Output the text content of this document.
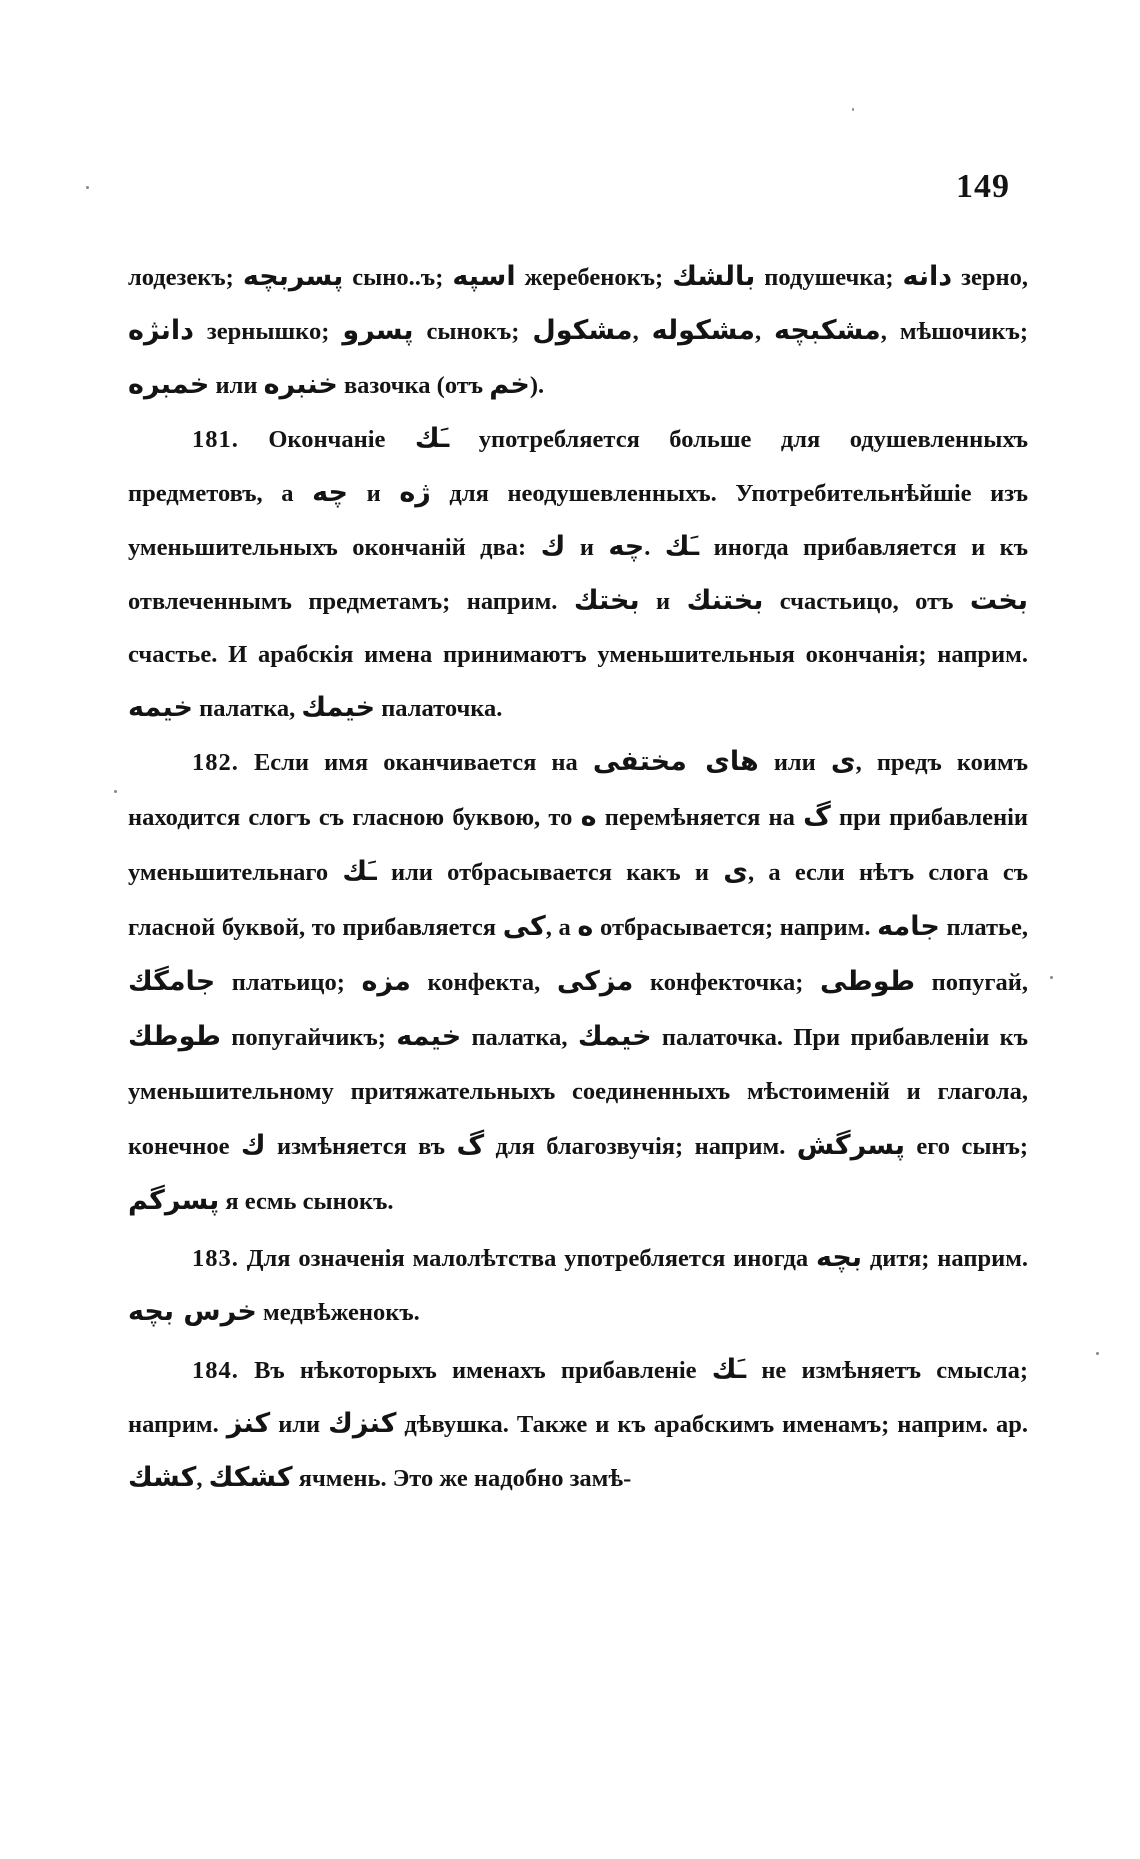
149

лодезекъ; پسربچه сыно..ъ; اسپه жеребенокъ; بالشك подушечка; دانه зерно, دانژه зернышко; پسرو сынокъ; مشكول, مشكوله, مشكبچه, мѣшочикъ; خمبره или خنبره вазочка (отъ خم).

181. Окончаніе ـَك употребляется больше для одушевленныхъ предметовъ, а چه и ژه для неодушевленныхъ. Употребительнѣйшіе изъ уменьшительныхъ окончаній два: ك и چه. ـَك иногда прибавляется и къ отвлеченнымъ предметамъ; наприм. بختك и بختنك счастьицо, отъ بخت счастье. И арабскія имена принимаютъ уменьшительныя окончанія; наприм. خيمه палатка, خيمك палаточка.

182. Если имя оканчивается на هاى مختفى или ى, предъ коимъ находится слогъ съ гласною буквою, то ه перемѣняется на گ при прибавленіи уменьшительнаго ـَك или отбрасывается какъ и ى, а если нѣтъ слога съ гласной буквой, то прибавляется كى, а ه отбрасывается; наприм. جامه платье, جامگك платьицо; مزه конфекта, مزكى конфекточка; طوطى попугай, طوطك попугайчикъ; خيمه палатка, خيمك палаточка. При прибавленіи къ уменьшительному притяжательныхъ соединенныхъ мѣстоименій и глагола, конечное ك измѣняется въ گ для благозвучія; наприм. پسرگش его сынъ; پسرگم я есмь сынокъ.

183. Для означенія малолѣтства употребляется иногда بچه дитя; наприм. خرس بچه медвѣженокъ.

184. Въ нѣкоторыхъ именахъ прибавленіе ـَك не измѣняетъ смысла; наприм. كنز или كنزك дѣвушка. Также и къ арабскимъ именамъ; наприм. ар. كشك, كشكك ячмень. Это же надобно замѣ-
